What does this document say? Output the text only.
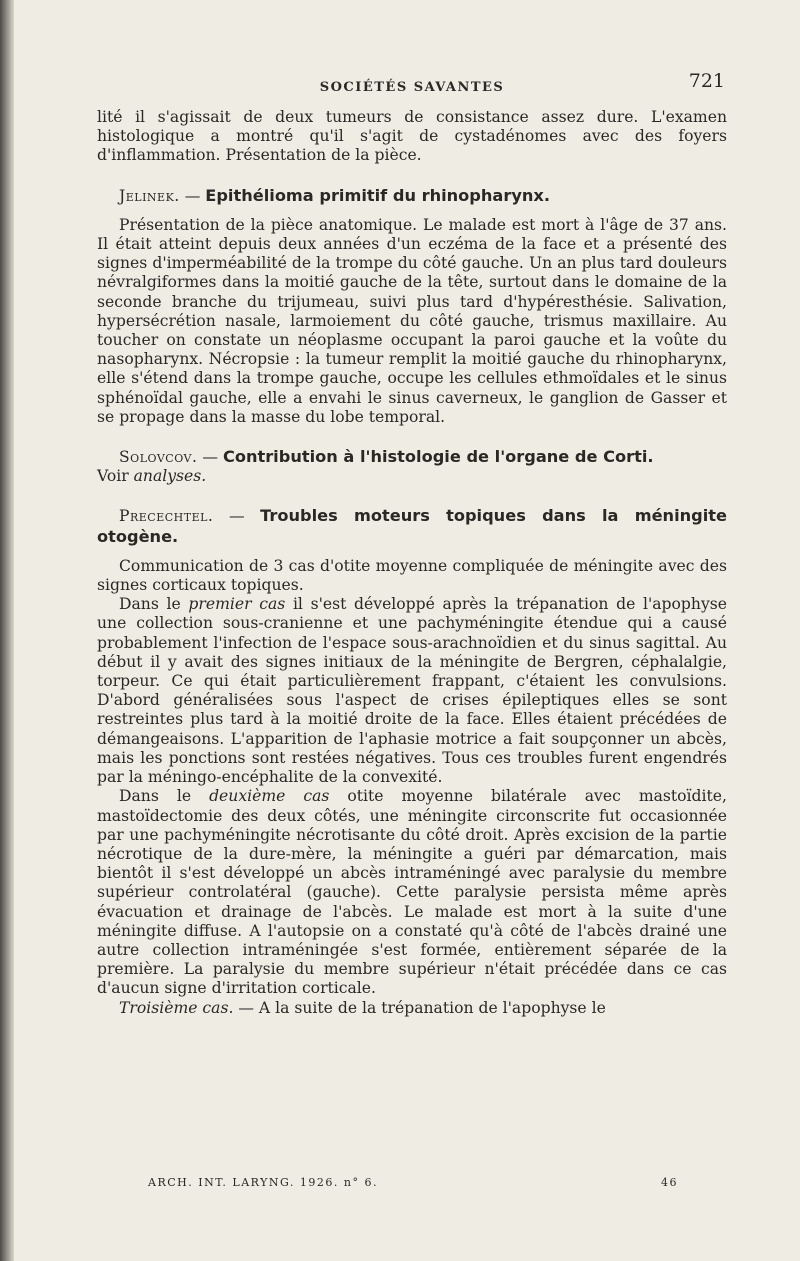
SOCIÉTÉS SAVANTES	721

lité il s'agissait de deux tumeurs de consistance assez dure. L'examen histologique a montré qu'il s'agit de cystadénomes avec des foyers d'inflammation. Présentation de la pièce.

Jelinek. — Epithélioma primitif du rhinopharynx.

Présentation de la pièce anatomique. Le malade est mort à l'âge de 37 ans. Il était atteint depuis deux années d'un eczéma de la face et a présenté des signes d'imperméabilité de la trompe du côté gauche. Un an plus tard douleurs névralgiformes dans la moitié gauche de la tête, surtout dans le domaine de la seconde branche du trijumeau, suivi plus tard d'hypéresthésie. Salivation, hypersécrétion nasale, larmoiement du côté gauche, trismus maxillaire. Au toucher on constate un néoplasme occupant la paroi gauche et la voûte du nasopharynx. Nécropsie : la tumeur remplit la moitié gauche du rhinopharynx, elle s'étend dans la trompe gauche, occupe les cellules ethmoïdales et le sinus sphénoïdal gauche, elle a envahi le sinus caverneux, le ganglion de Gasser et se propage dans la masse du lobe temporal.

Solovcov. — Contribution à l'histologie de l'organe de Corti.

Voir analyses.

Precechtel. — Troubles moteurs topiques dans la méningite otogène.

Communication de 3 cas d'otite moyenne compliquée de méningite avec des signes corticaux topiques.

Dans le premier cas il s'est développé après la trépanation de l'apophyse une collection sous-cranienne et une pachyméningite étendue qui a causé probablement l'infection de l'espace sous-arachnoïdien et du sinus sagittal. Au début il y avait des signes initiaux de la méningite de Bergren, céphalalgie, torpeur. Ce qui était particulièrement frappant, c'étaient les convulsions. D'abord généralisées sous l'aspect de crises épileptiques elles se sont restreintes plus tard à la moitié droite de la face. Elles étaient précédées de démangeaisons. L'apparition de l'aphasie motrice a fait soupçonner un abcès, mais les ponctions sont restées négatives. Tous ces troubles furent engendrés par la méningo-encéphalite de la convexité.

Dans le deuxième cas otite moyenne bilatérale avec mastoïdite, mastoïdectomie des deux côtés, une méningite circonscrite fut occasionnée par une pachyméningite nécrotisante du côté droit. Après excision de la partie nécrotique de la dure-mère, la méningite a guéri par démarcation, mais bientôt il s'est développé un abcès intraméningé avec paralysie du membre supérieur controlatéral (gauche). Cette paralysie persista même après évacuation et drainage de l'abcès. Le malade est mort à la suite d'une méningite diffuse. A l'autopsie on a constaté qu'à côté de l'abcès drainé une autre collection intraméningée s'est formée, entièrement séparée de la première. La paralysie du membre supérieur n'était précédée dans ce cas d'aucun signe d'irritation corticale.

Troisième cas. — A la suite de la trépanation de l'apophyse le

ARCH. INT. LARYNG. 1926. n° 6.	46
